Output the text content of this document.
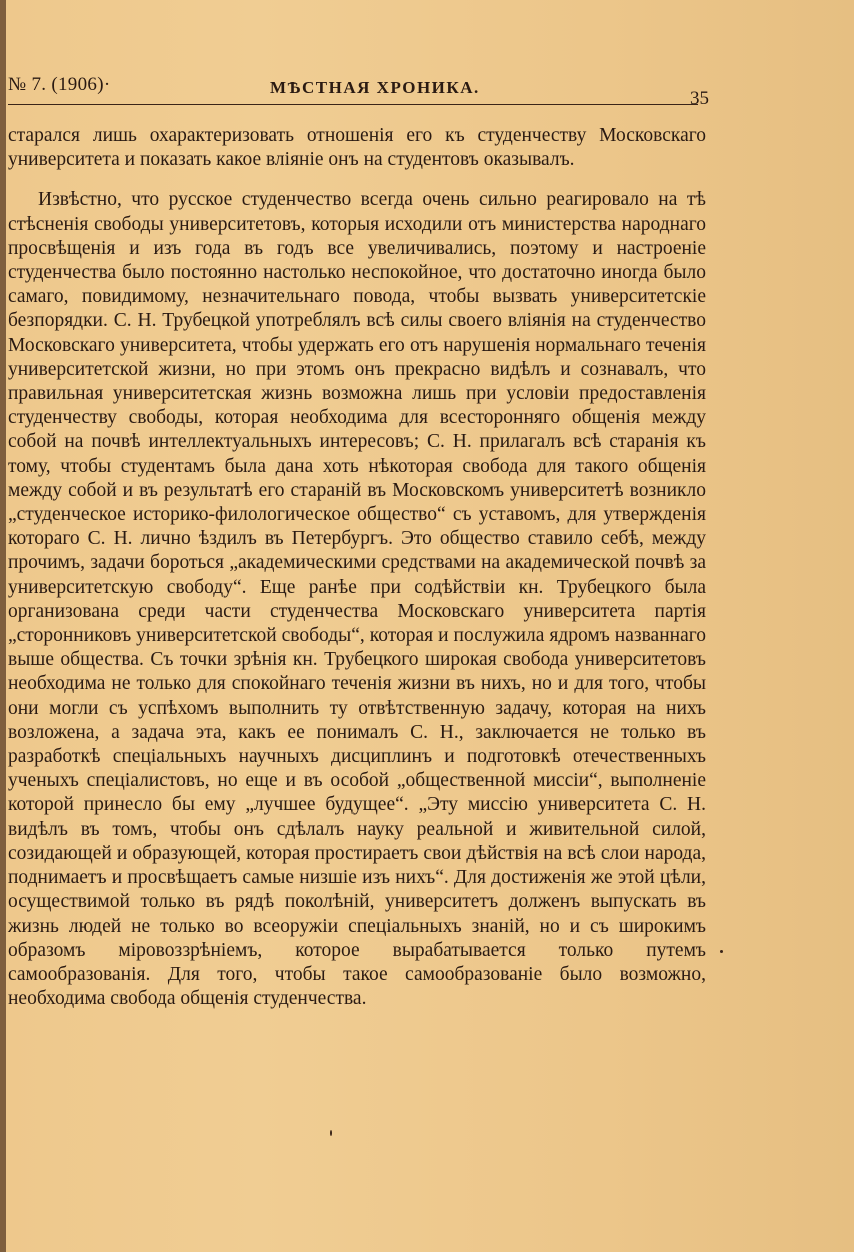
№ 7. (1906)·	МѢСТНАЯ ХРОНИКА.
35

старался лишь охарактеризовать отношенія его къ студенчеству Московскаго университета и показать какое вліяніе онъ на студентовъ оказывалъ.

Извѣстно, что русское студенчество всегда очень сильно реагировало на тѣ стѣсненія свободы университетовъ, которыя исходили отъ министерства народнаго просвѣщенія и изъ года въ годъ все увеличивались, поэтому и настроеніе студенчества было постоянно настолько неспокойное, что достаточно иногда было самаго, повидимому, незначительнаго повода, чтобы вызвать университетскіе безпорядки. С. Н. Трубецкой употреблялъ всѣ силы своего вліянія на студенчество Московскаго университета, чтобы удержать его отъ нарушенія нормальнаго теченія университетской жизни, но при этомъ онъ прекрасно видѣлъ и сознавалъ, что правильная университетская жизнь возможна лишь при условіи предоставленія студенчеству свободы, которая необходима для всесторонняго общенія между собой на почвѣ интеллектуальныхъ интересовъ; С. Н. прилагалъ всѣ старанія къ тому, чтобы студентамъ была дана хоть нѣкоторая свобода для такого общенія между собой и въ результатѣ его стараній въ Московскомъ университетѣ возникло „студенческое историко-филологическое общество“ съ уставомъ, для утвержденія котораго С. Н. лично ѣздилъ въ Петербургъ. Это общество ставило себѣ, между прочимъ, задачи бороться „академическими средствами на академической почвѣ за университетскую свободу“. Еще ранѣе при содѣйствіи кн. Трубецкого была организована среди части студенчества Московскаго университета партія „сторонниковъ университетской свободы“, которая и послужила ядромъ названнаго выше общества. Съ точки зрѣнія кн. Трубецкого широкая свобода университетовъ необходима не только для спокойнаго теченія жизни въ нихъ, но и для того, чтобы они могли съ успѣхомъ выполнить ту отвѣтственную задачу, которая на нихъ возложена, а задача эта, какъ ее понималъ С. Н., заключается не только въ разработкѣ спеціальныхъ научныхъ дисциплинъ и подготовкѣ отечественныхъ ученыхъ спеціалистовъ, но еще и въ особой „общественной миссіи“, выполненіе которой принесло бы ему „лучшее будущее“. „Эту миссію университета С. Н. видѣлъ въ томъ, чтобы онъ сдѣлалъ науку реальной и живительной силой, созидающей и образующей, которая простираетъ свои дѣйствія на всѣ слои народа, поднимаетъ и просвѣщаетъ самые низшіе изъ нихъ“. Для достиженія же этой цѣли, осуществимой только въ рядѣ поколѣній, университетъ долженъ выпускать въ жизнь людей не только во всеоружіи спеціальныхъ знаній, но и съ широкимъ образомъ міровоззрѣніемъ, которое вырабатывается только путемъ самообразованія. Для того, чтобы такое самообразованіе было возможно, необходима свобода общенія студенчества.
